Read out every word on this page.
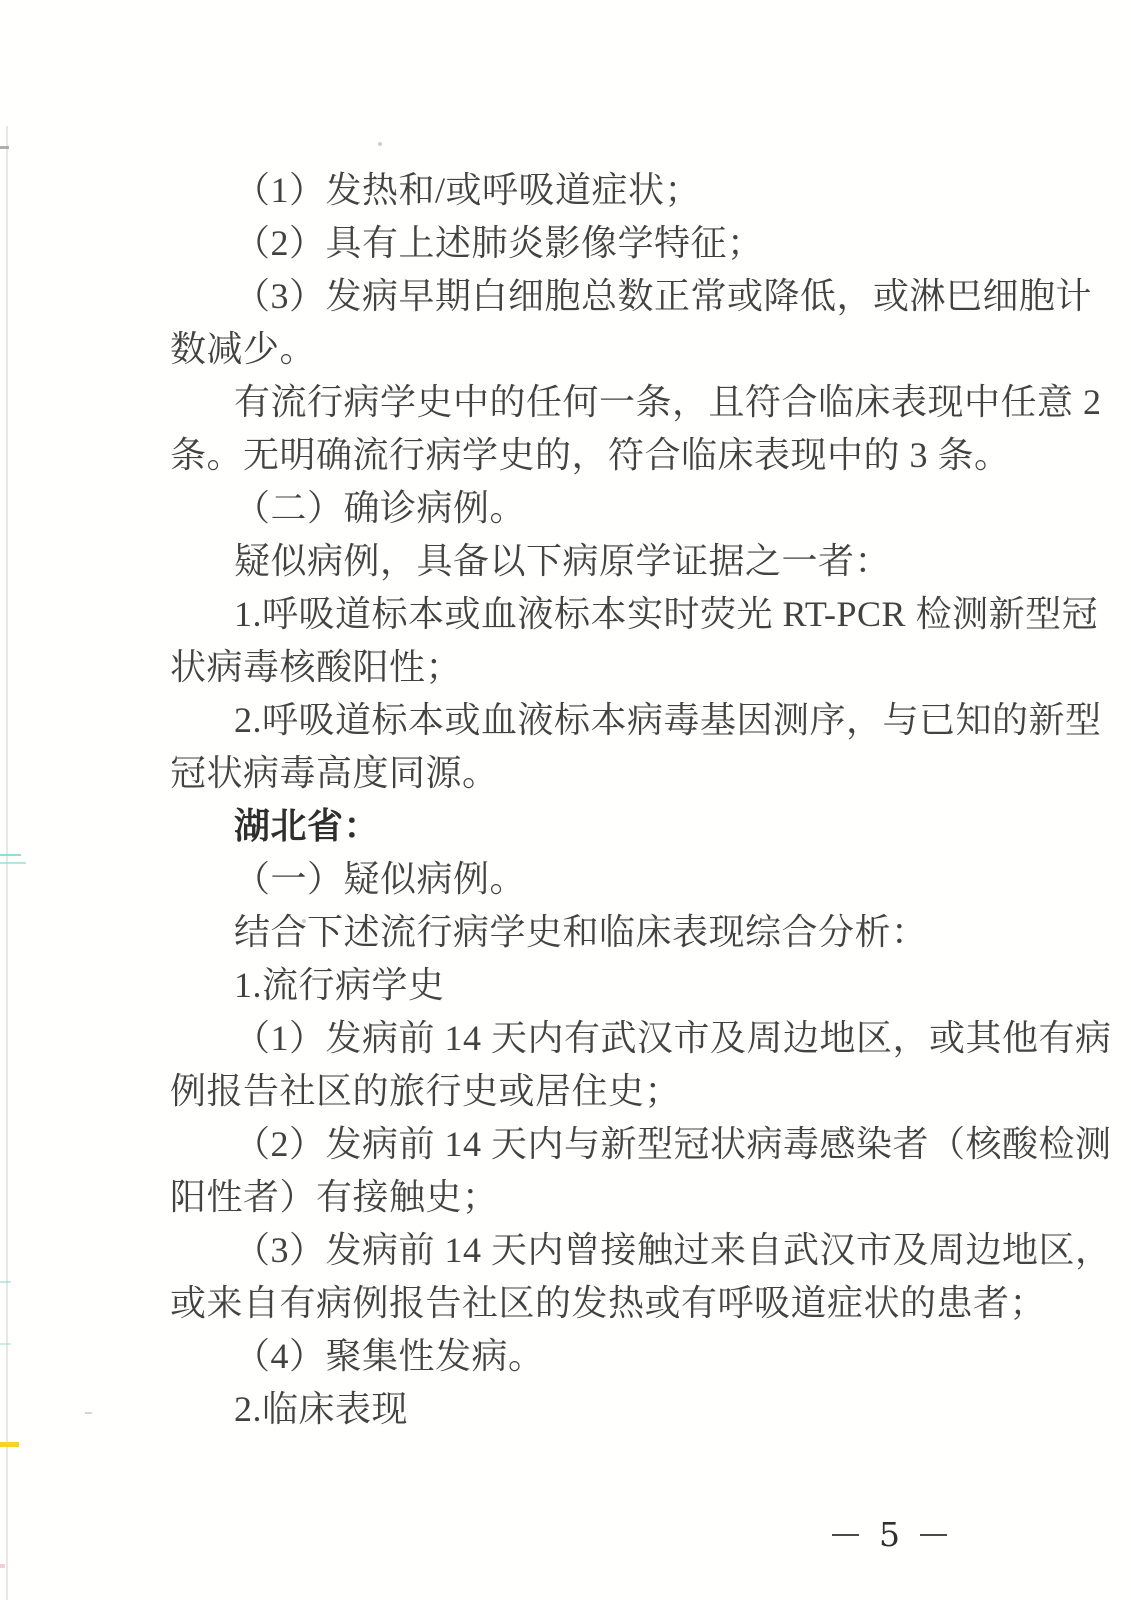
（1）发热和/或呼吸道症状；
（2）具有上述肺炎影像学特征；
（3）发病早期白细胞总数正常或降低，或淋巴细胞计
数减少。
有流行病学史中的任何一条，且符合临床表现中任意 2
条。无明确流行病学史的，符合临床表现中的 3 条。
（二）确诊病例。
疑似病例，具备以下病原学证据之一者：
1.呼吸道标本或血液标本实时荧光 RT-PCR 检测新型冠
状病毒核酸阳性；
2.呼吸道标本或血液标本病毒基因测序，与已知的新型
冠状病毒高度同源。
湖北省：
（一）疑似病例。
结合下述流行病学史和临床表现综合分析：
1.流行病学史
（1）发病前 14 天内有武汉市及周边地区，或其他有病
例报告社区的旅行史或居住史；
（2）发病前 14 天内与新型冠状病毒感染者（核酸检测
阳性者）有接触史；
（3）发病前 14 天内曾接触过来自武汉市及周边地区，
或来自有病例报告社区的发热或有呼吸道症状的患者；
（4）聚集性发病。
2.临床表现
5
